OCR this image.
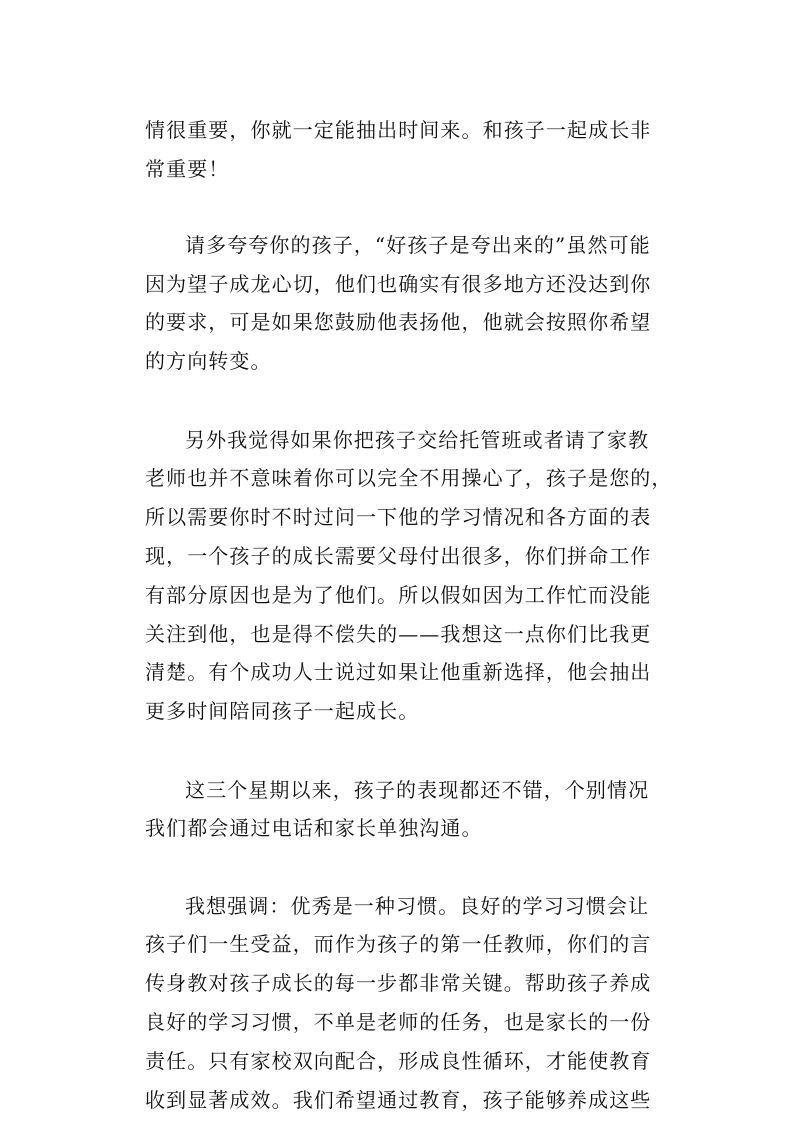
情很重要，你就一定能抽出时间来。和孩子一起成长非
常重要！
请多夸夸你的孩子，“好孩子是夸出来的”虽然可能
因为望子成龙心切，他们也确实有很多地方还没达到你
的要求，可是如果您鼓励他表扬他，他就会按照你希望
的方向转变。
另外我觉得如果你把孩子交给托管班或者请了家教
老师也并不意味着你可以完全不用操心了，孩子是您的，
所以需要你时不时过问一下他的学习情况和各方面的表
现，一个孩子的成长需要父母付出很多，你们拼命工作
有部分原因也是为了他们。所以假如因为工作忙而没能
关注到他，也是得不偿失的——我想这一点你们比我更
清楚。有个成功人士说过如果让他重新选择，他会抽出
更多时间陪同孩子一起成长。
这三个星期以来，孩子的表现都还不错，个别情况
我们都会通过电话和家长单独沟通。
我想强调：优秀是一种习惯。良好的学习习惯会让
孩子们一生受益，而作为孩子的第一任教师，你们的言
传身教对孩子成长的每一步都非常关键。帮助孩子养成
良好的学习习惯，不单是老师的任务，也是家长的一份
责任。只有家校双向配合，形成良性循环，才能使教育
收到显著成效。我们希望通过教育，孩子能够养成这些
